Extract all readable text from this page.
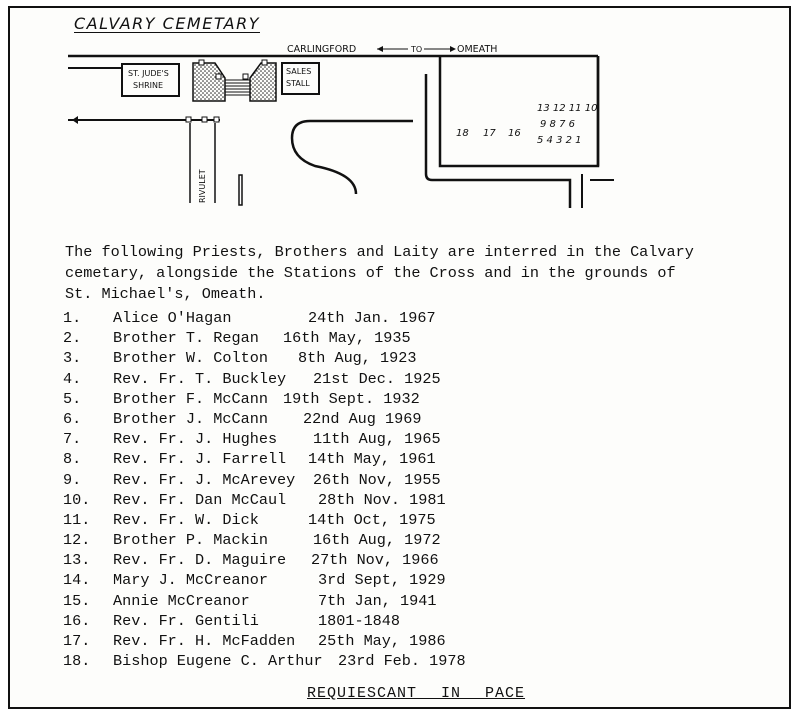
CALVARY CEMETARY
CARLINGFORD	TO	OMEATH
ST. JUDE'S
SHRINE
SALES
STALL
13 12 11 10
9 8 7 6
5 4 3 2 1
18 17 16
RIVULET
The following Priests, Brothers and Laity are interred in the Calvary
cemetary, alongside the Stations of the Cross and in the grounds of
St. Michael's, Omeath.
1.	Alice O'Hagan	24th Jan. 1967
2.	Brother T. Regan	16th May, 1935
3.	Brother W. Colton	8th Aug, 1923
4.	Rev. Fr. T. Buckley	21st Dec. 1925
5.	Brother F. McCann 19th Sept. 1932
6.	Brother J. McCann	22nd Aug 1969
7.	Rev. Fr. J. Hughes	11th Aug, 1965
8.	Rev. Fr. J. Farrell	14th May, 1961
9.	Rev. Fr. J. McArevey	26th Nov, 1955
10.	Rev. Fr. Dan McCaul	28th Nov. 1981
11.	Rev. Fr. W. Dick	14th Oct, 1975
12.	Brother P. Mackin	16th Aug, 1972
13.	Rev. Fr. D. Maguire	27th Nov, 1966
14.	Mary J. McCreanor	3rd Sept, 1929
15.	Annie McCreanor	7th Jan, 1941
16.	Rev. Fr. Gentili	1801-1848
17.	Rev. Fr. H. McFadden	25th May, 1986
18.	Bishop Eugene C. Arthur	23rd Feb. 1978
REQUIESCANT IN PACE
